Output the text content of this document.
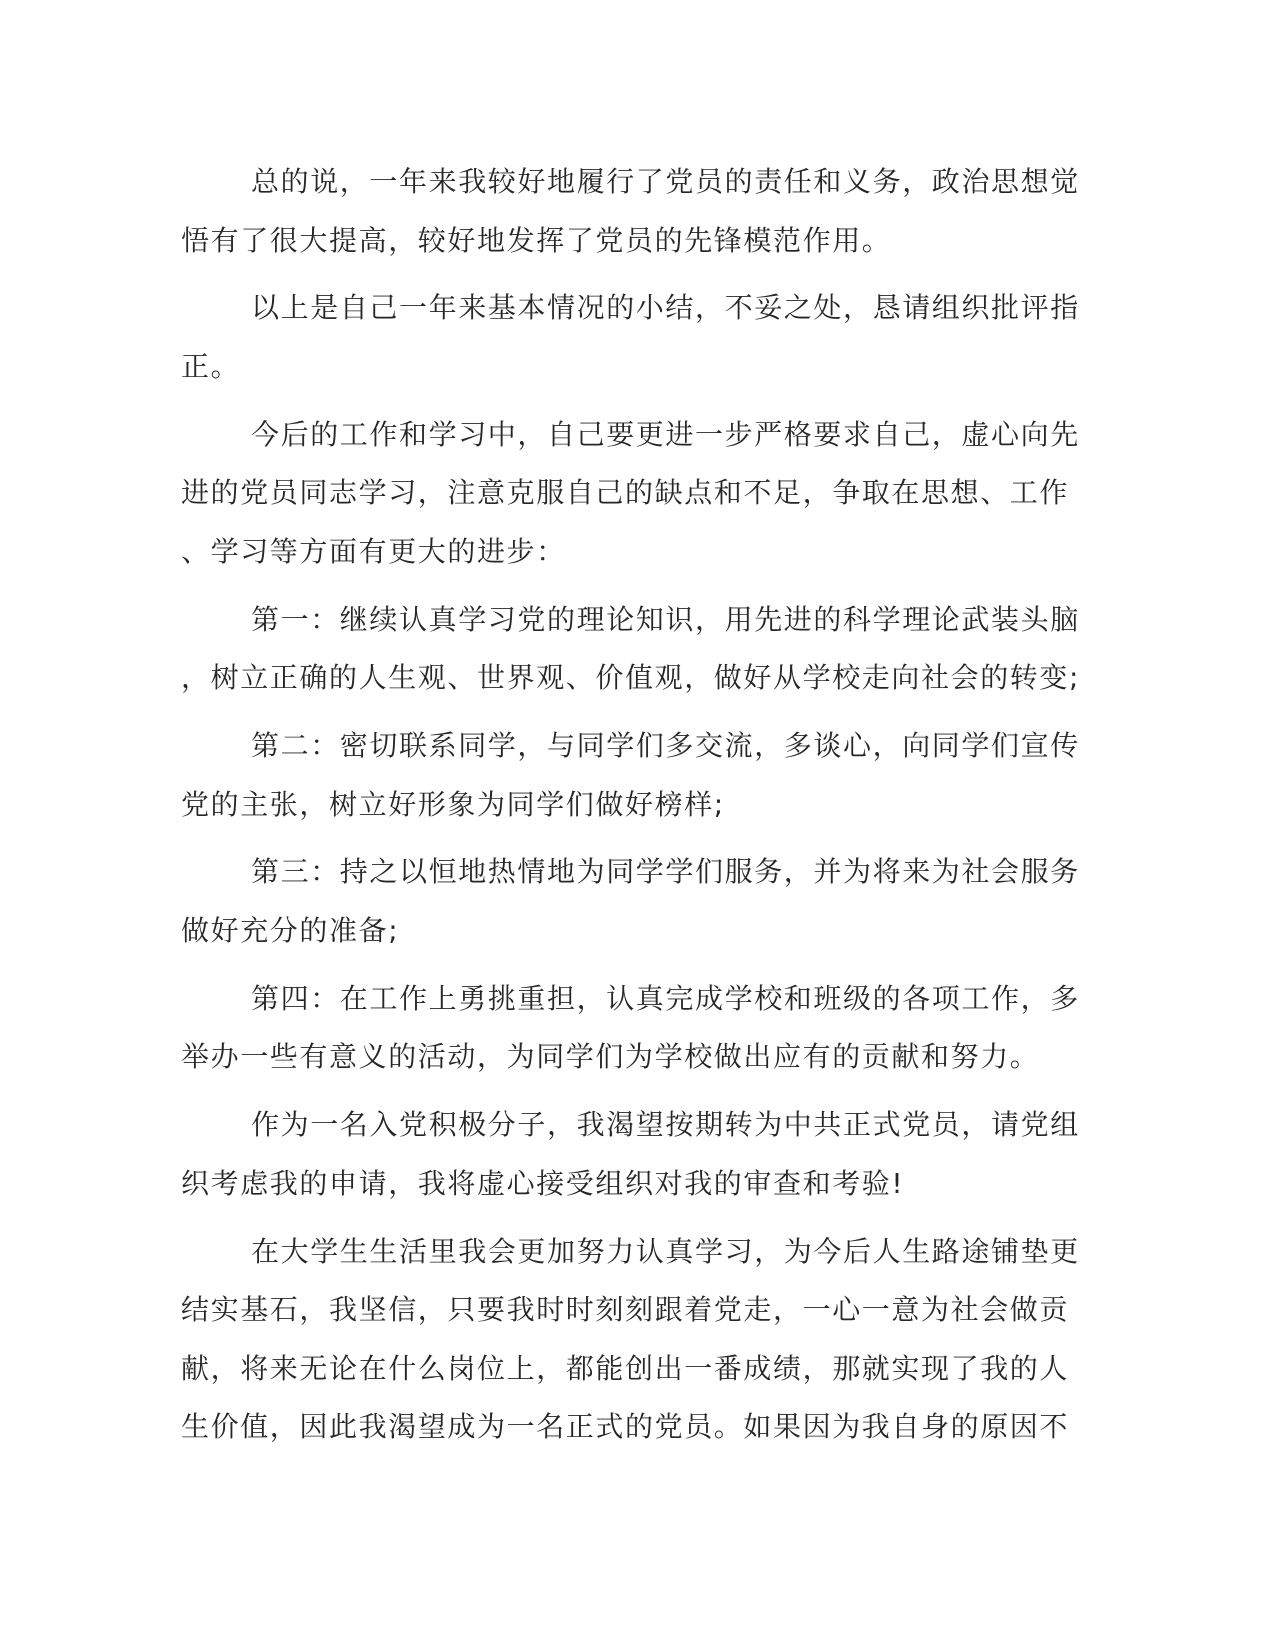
总的说，一年来我较好地履行了党员的责任和义务，政治思想觉
悟有了很大提高，较好地发挥了党员的先锋模范作用。
以上是自己一年来基本情况的小结，不妥之处，恳请组织批评指
正。
今后的工作和学习中，自己要更进一步严格要求自己，虚心向先
进的党员同志学习，注意克服自己的缺点和不足，争取在思想、工作
、学习等方面有更大的进步：
第一：继续认真学习党的理论知识，用先进的科学理论武装头脑
，树立正确的人生观、世界观、价值观，做好从学校走向社会的转变;
第二：密切联系同学，与同学们多交流，多谈心，向同学们宣传
党的主张，树立好形象为同学们做好榜样;
第三：持之以恒地热情地为同学学们服务，并为将来为社会服务
做好充分的准备;
第四：在工作上勇挑重担，认真完成学校和班级的各项工作，多
举办一些有意义的活动，为同学们为学校做出应有的贡献和努力。
作为一名入党积极分子，我渴望按期转为中共正式党员，请党组
织考虑我的申请，我将虚心接受组织对我的审查和考验!
在大学生生活里我会更加努力认真学习，为今后人生路途铺垫更
结实基石，我坚信，只要我时时刻刻跟着党走，一心一意为社会做贡
献，将来无论在什么岗位上，都能创出一番成绩，那就实现了我的人
生价值，因此我渴望成为一名正式的党员。如果因为我自身的原因不
